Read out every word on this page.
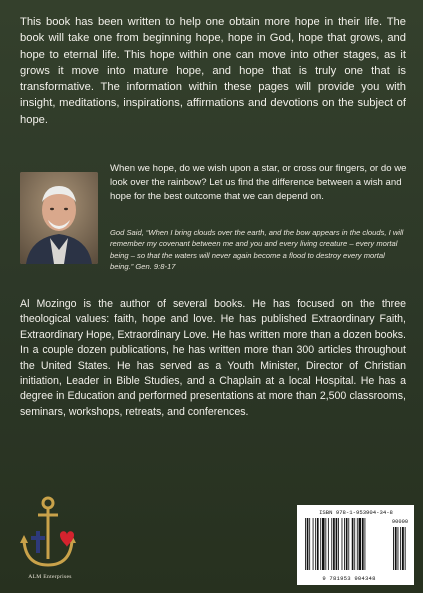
This book has been written to help one obtain more hope in their life. The book will take one from beginning hope, hope in God, hope that grows, and hope to eternal life. This hope within one can move into other stages, as it grows it move into mature hope, and hope that is truly one that is transformative. The information within these pages will provide you with insight, meditations, inspirations, affirmations and devotions on the subject of hope.

When we hope, do we wish upon a star, or cross our fingers, or do we look over the rainbow? Let us find the difference between a wish and hope for the best outcome that we can depend on.

God Said, “When I bring clouds over the earth, and the bow appears in the clouds, I will remember my covenant between me and you and every living creature – every mortal being – so that the waters will never again become a flood to destroy every mortal being.” Gen. 9:8-17

Al Mozingo is the author of several books. He has focused on the three theological values: faith, hope and love. He has published Extraordinary Faith, Extraordinary Hope, Extraordinary Love. He has written more than a dozen books. In a couple dozen publications, he has written more than 300 articles throughout the United States. He has served as a Youth Minister, Director of Christian initiation, Leader in Bible Studies, and a Chaplain at a local Hospital. He has a degree in Education and performed presentations at more than 2,500 classrooms, seminars, workshops, retreats, and conferences.

ALM Enterprises
ISBN 978-1-953904-34-8
90000
9 781953 904348
